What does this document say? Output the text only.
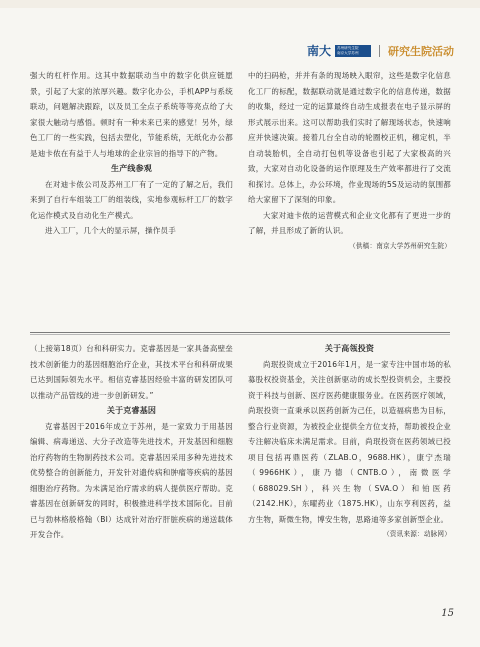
南大 苏州研究生院
南京大学苏州	研究生院活动

强大的杠杆作用。这其中数据联动当中的数字化供应链愿景，引起了大家的浓厚兴趣。数字化办公，手机APP与系统联动，问题解决跟踪，以及员工全点子系统等等亮点给了大家很大触动与感悟。顿时有一种未来已来的感觉！另外，绿色工厂的一些实践，包括去塑化，节能系统，无纸化办公都是迪卡侬在有益于人与地球的企业宗旨的指导下的产物。

生产线参观

在对迪卡侬公司及苏州工厂有了一定的了解之后，我们来到了自行车组装工厂的组装线，实地参观标杆工厂的数字化运作模式及自动化生产模式。

进入工厂，几个大的显示屏，操作员手

中的扫码枪，并并有条的现场映入眼帘，这些是数字化信息化工厂的标配，数据联动就是通过数字化的信息传递，数据的收集，经过一定的运算最终自动生成报表在电子显示屏的形式展示出来。这可以帮助我们实时了解现场状态，快速响应并快速决策。接着几台全自动的轮圈校正机，穗定机，半自动装胎机，全自动打包机等设备也引起了大家极高的兴致，大家对自动化设备的运作原理及生产效率都进行了交流和探讨。总体上，办公环境，作业现场的5S及运动的氛围都给大家留下了深刻的印象。

大家对迪卡侬的运营模式和企业文化都有了更进一步的了解，并且形成了新的认识。

（供稿：南京大学苏州研究生院）

（上接第18页）台和科研实力。克睿基因是一家具备高壁垒技术创新能力的基因细胞治疗企业，其技术平台和科研成果已达到国际领先水平。相信克睿基因经验丰富的研发团队可以推动产品管线的进一步创新研发。”

关于克睿基因

克睿基因于2016年成立于苏州，是一家致力于用基因编辑、病毒递送、大分子改造等先进技术，开发基因和细胞治疗药物的生物制药技术公司。克睿基因采用多种先进技术优势整合的创新能力，开发针对遗传病和肿瘤等疾病的基因细胞治疗药物。为未满足治疗需求的病人提供医疗帮助。克睿基因在创新研发的同时，积极推进科学技术国际化。目前已与勃林格殷格翰（BI）达成针对治疗肝脏疾病的递送载体开发合作。

关于高瓴投资

尚珉投资成立于2016年1月，是一家专注中国市场的私募股权投资基金，关注创新驱动的成长型投资机会，主要投资于科技与创新、医疗医药健康服务业。在医药医疗领域，尚珉投资一直秉承以医药创新为己任，以造福病患为目标，整合行业资源，为被投企业提供全方位支持，帮助被投企业专注解决临床未满足需求。目前，尚珉投资在医药领域已投项目包括再鼎医药（ZLAB.O，9688.HK），康宁杰瑞（9966HK），康乃德（CNTB.O），南微医学（688029.SH），科兴生物（SVA.O）和铂医药（2142.HK），东曜药业（1875.HK），山东亨利医药，益方生物，斯微生物，博安生物，思路迪等多家创新型企业。

（资讯来源：动脉网）

15
